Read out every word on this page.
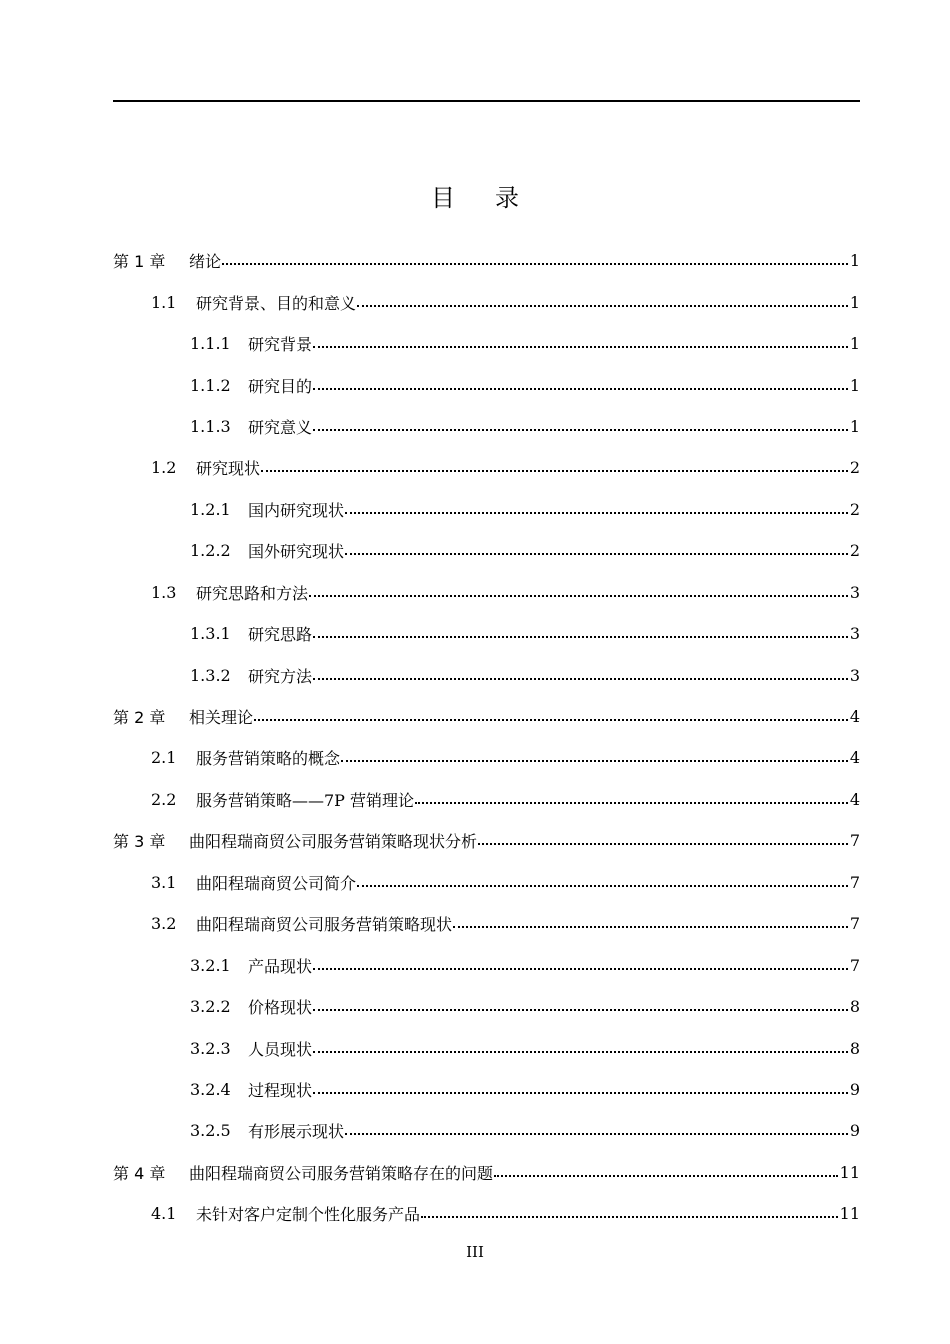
目录
第 1 章	绪论	1
1.1	研究背景、目的和意义	1
1.1.1	研究背景	1
1.1.2	研究目的	1
1.1.3	研究意义	1
1.2	研究现状	2
1.2.1	国内研究现状	2
1.2.2	国外研究现状	2
1.3	研究思路和方法	3
1.3.1	研究思路	3
1.3.2	研究方法	3
第 2 章	相关理论	4
2.1	服务营销策略的概念	4
2.2	服务营销策略——7P 营销理论	4
第 3 章	曲阳程瑞商贸公司服务营销策略现状分析	7
3.1	曲阳程瑞商贸公司简介	7
3.2	曲阳程瑞商贸公司服务营销策略现状	7
3.2.1	产品现状	7
3.2.2	价格现状	8
3.2.3	人员现状	8
3.2.4	过程现状	9
3.2.5	有形展示现状	9
第 4 章	曲阳程瑞商贸公司服务营销策略存在的问题	11
4.1	未针对客户定制个性化服务产品	11
III
